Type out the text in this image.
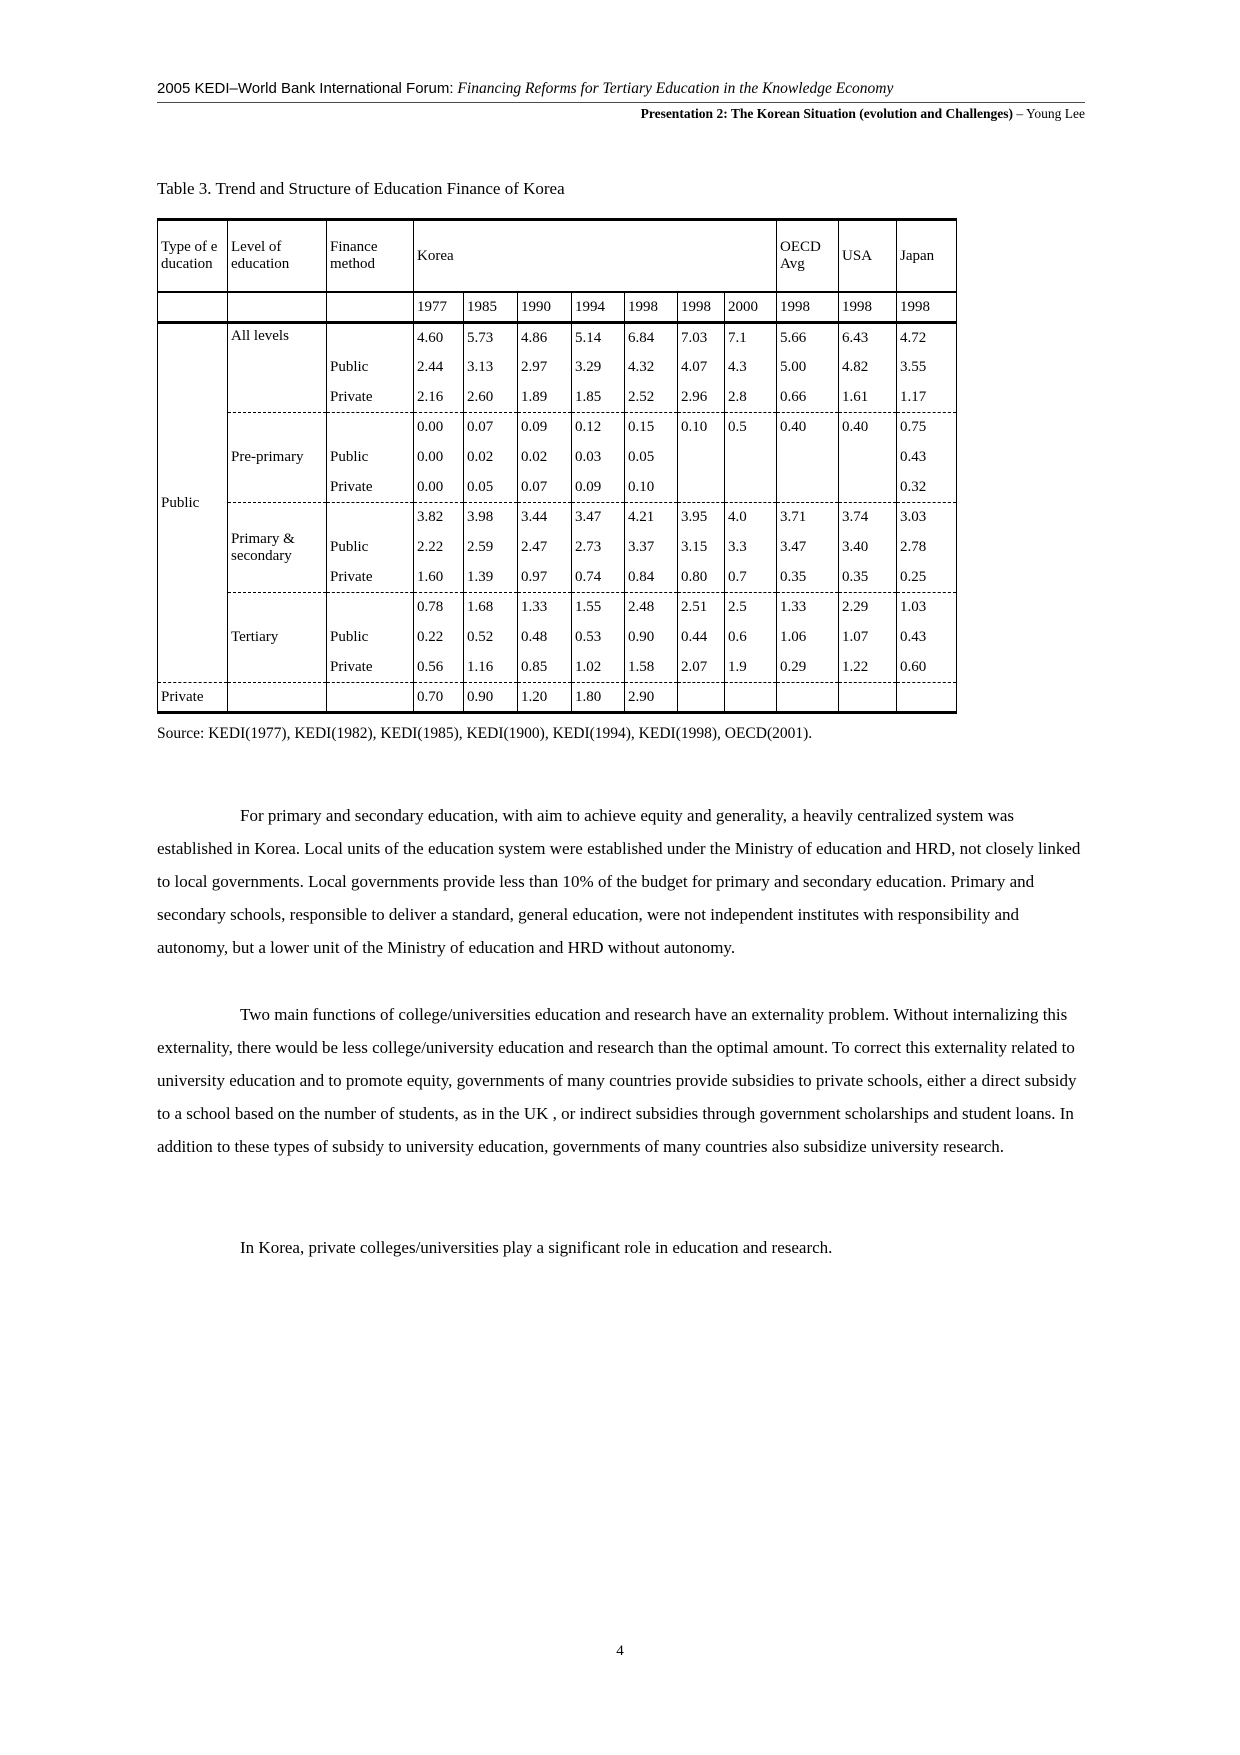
2005 KEDI–World Bank International Forum: Financing Reforms for Tertiary Education in the Knowledge Economy
Presentation 2: The Korean Situation (evolution and Challenges) – Young Lee
Table 3. Trend and Structure of Education Finance of Korea
Type of education	Level of education	Finance method	Korea							OECD Avg	USA	Japan
			1977	1985	1990	1994	1998	1998	2000	1998	1998	1998
Public	All levels		4.60	5.73	4.86	5.14	6.84	7.03	7.1	5.66	6.43	4.72
		Public	2.44	3.13	2.97	3.29	4.32	4.07	4.3	5.00	4.82	3.55
		Private	2.16	2.60	1.89	1.85	2.52	2.96	2.8	0.66	1.61	1.17
	Pre-primary		0.00	0.07	0.09	0.12	0.15	0.10	0.5	0.40	0.40	0.75
		Public	0.00	0.02	0.02	0.03	0.05					0.43
		Private	0.00	0.05	0.07	0.09	0.10					0.32
	Primary & secondary		3.82	3.98	3.44	3.47	4.21	3.95	4.0	3.71	3.74	3.03
		Public	2.22	2.59	2.47	2.73	3.37	3.15	3.3	3.47	3.40	2.78
		Private	1.60	1.39	0.97	0.74	0.84	0.80	0.7	0.35	0.35	0.25
	Tertiary		0.78	1.68	1.33	1.55	2.48	2.51	2.5	1.33	2.29	1.03
		Public	0.22	0.52	0.48	0.53	0.90	0.44	0.6	1.06	1.07	0.43
		Private	0.56	1.16	0.85	1.02	1.58	2.07	1.9	0.29	1.22	0.60
Private			0.70	0.90	1.20	1.80	2.90					
Source: KEDI(1977), KEDI(1982), KEDI(1985), KEDI(1900), KEDI(1994), KEDI(1998), OECD(2001).

For primary and secondary education, with aim to achieve equity and generality, a heavily centralized system was established in Korea. Local units of the education system were established under the Ministry of education and HRD, not closely linked to local governments. Local governments provide less than 10% of the budget for primary and secondary education. Primary and secondary schools, responsible to deliver a standard, general education, were not independent institutes with responsibility and autonomy, but a lower unit of the Ministry of education and HRD without autonomy.

Two main functions of college/universities education and research have an externality problem. Without internalizing this externality, there would be less college/university education and research than the optimal amount. To correct this externality related to university education and to promote equity, governments of many countries provide subsidies to private schools, either a direct subsidy to a school based on the number of students, as in the UK , or indirect subsidies through government scholarships and student loans. In addition to these types of subsidy to university education, governments of many countries also subsidize university research.

In Korea, private colleges/universities play a significant role in education and research.

4
